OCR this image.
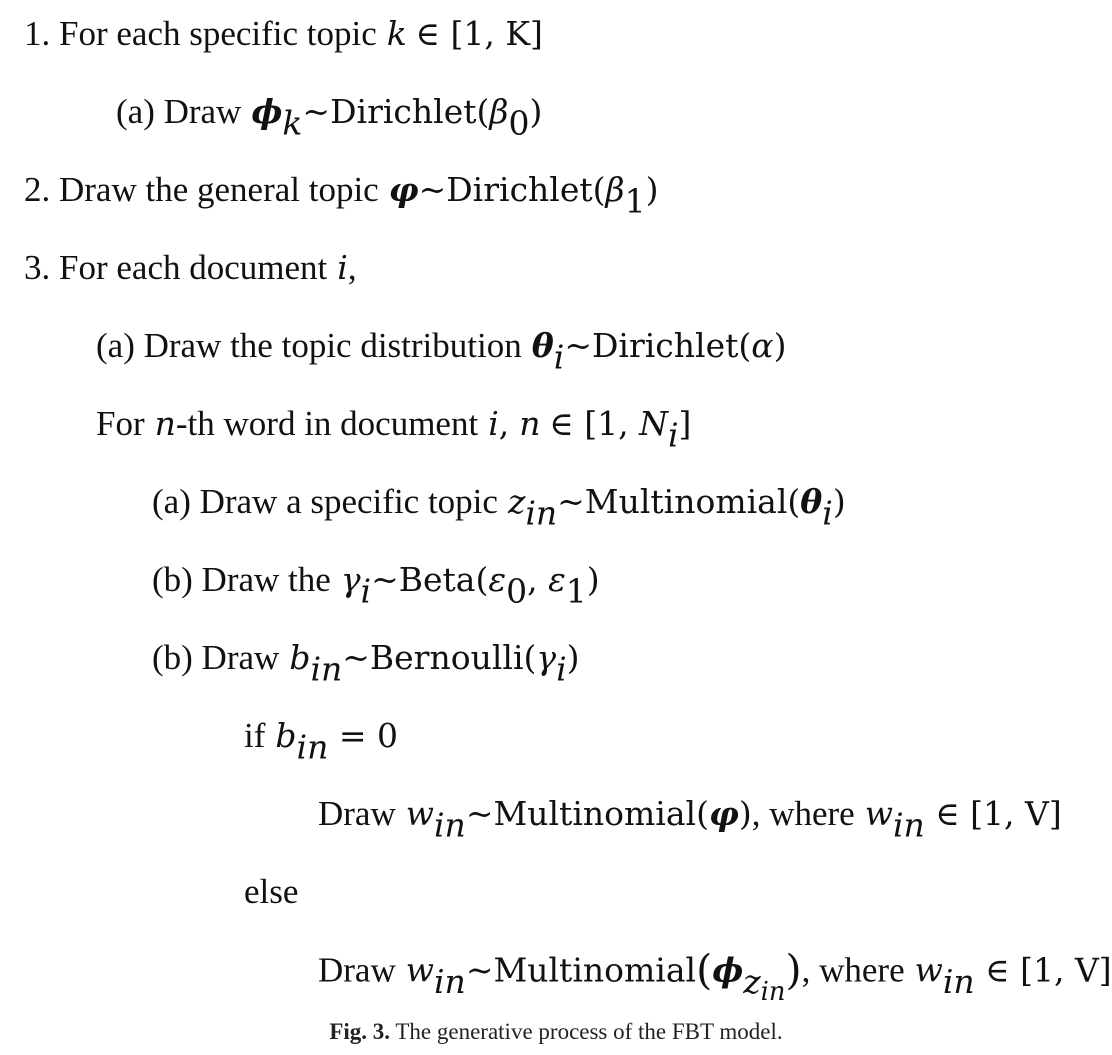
1. For each specific topic k ∈ [1, K]
(a) Draw $\phi_k\sim Dirichlet(\beta_0)$
2. Draw the general topic $\varphi\sim Dirichlet(\beta_1)$
3. For each document i,
(a) Draw the topic distribution $\theta_i\sim Dirichlet(\alpha)$
For n-th word in document i, n ∈ [1, $N_i$]
(a) Draw a specific topic $z_{in}\sim Multinomial(\theta_i)$
(b) Draw the $\gamma_i\sim Beta(\varepsilon_0$, $\varepsilon_1$)
(b) Draw $b_{in}\sim Bernoulli(\gamma_i)$
if $b_{in} = 0$
Draw $w_{in}\sim Multinomial(\varphi)$, where $w_{in}$ ∈ [1, V]
else
Draw $w_{in}\sim Multinomial(\phi_{z_{in}})$, where $w_{in}$ ∈ [1, V]
Fig. 3. The generative process of the FBT model.
